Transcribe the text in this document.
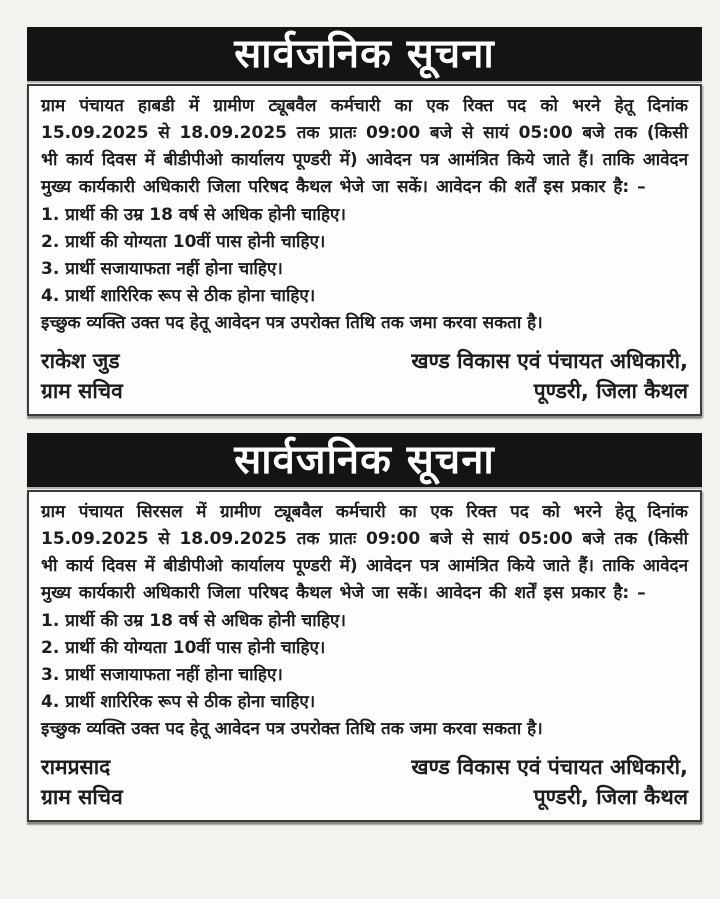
सार्वजनिक सूचना
ग्राम पंचायत हाबडी में ग्रामीण ट्यूबवैल कर्मचारी का एक रिक्त पद को भरने हेतू दिनांक 15.09.2025 से 18.09.2025 तक प्रातः 09:00 बजे से सायं 05:00 बजे तक (किसी भी कार्य दिवस में बीडीपीओ कार्यालय पूण्डरी में) आवेदन पत्र आमंत्रित किये जाते हैं। ताकि आवेदन मुख्य कार्यकारी अधिकारी जिला परिषद कैथल भेजे जा सकें। आवेदन की शर्तें इस प्रकार है: –
1. प्रार्थी की उम्र 18 वर्ष से अधिक होनी चाहिए।
2. प्रार्थी की योग्यता 10वीं पास होनी चाहिए।
3. प्रार्थी सजायाफता नहीं होना चाहिए।
4. प्रार्थी शारिरिक रूप से ठीक होना चाहिए।
इच्छुक व्यक्ति उक्त पद हेतू आवेदन पत्र उपरोक्त तिथि तक जमा करवा सकता है।
राकेश जुड
ग्राम सचिव
खण्ड विकास एवं पंचायत अधिकारी,
पूण्डरी, जिला कैथल
सार्वजनिक सूचना
ग्राम पंचायत सिरसल में ग्रामीण ट्यूबवैल कर्मचारी का एक रिक्त पद को भरने हेतू दिनांक 15.09.2025 से 18.09.2025 तक प्रातः 09:00 बजे से सायं 05:00 बजे तक (किसी भी कार्य दिवस में बीडीपीओ कार्यालय पूण्डरी में) आवेदन पत्र आमंत्रित किये जाते हैं। ताकि आवेदन मुख्य कार्यकारी अधिकारी जिला परिषद कैथल भेजे जा सकें। आवेदन की शर्तें इस प्रकार है: –
1. प्रार्थी की उम्र 18 वर्ष से अधिक होनी चाहिए।
2. प्रार्थी की योग्यता 10वीं पास होनी चाहिए।
3. प्रार्थी सजायाफता नहीं होना चाहिए।
4. प्रार्थी शारिरिक रूप से ठीक होना चाहिए।
इच्छुक व्यक्ति उक्त पद हेतू आवेदन पत्र उपरोक्त तिथि तक जमा करवा सकता है।
रामप्रसाद
ग्राम सचिव
खण्ड विकास एवं पंचायत अधिकारी,
पूण्डरी, जिला कैथल
